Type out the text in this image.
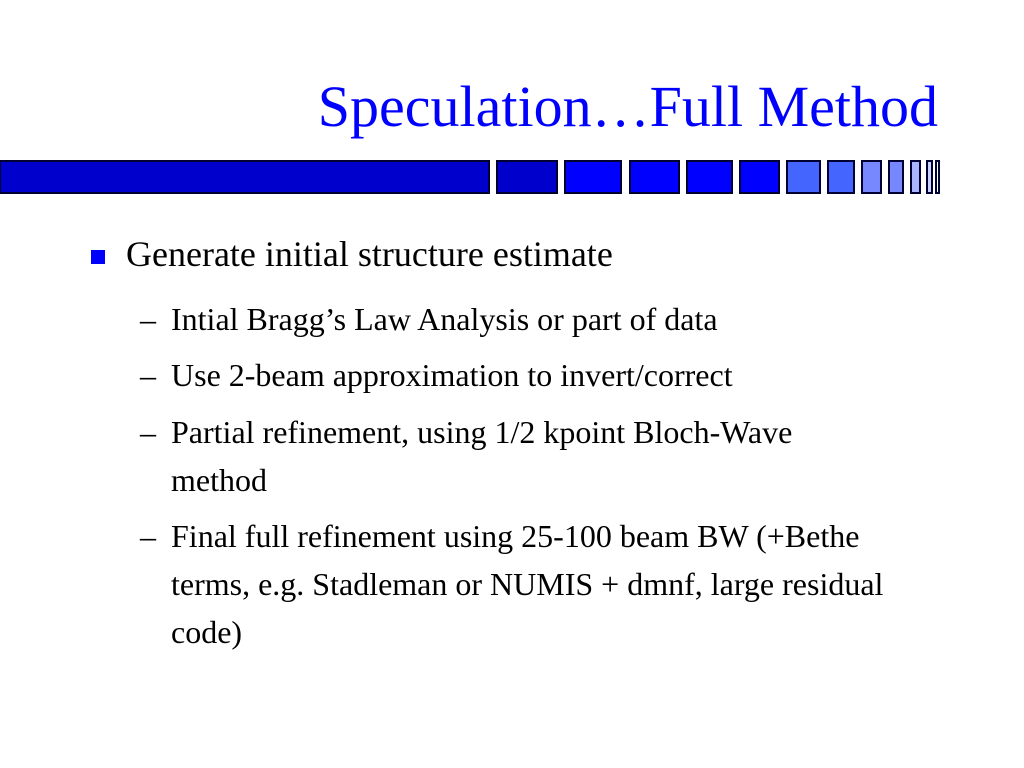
Speculation…Full Method
Generate initial structure estimate
– Intial Bragg’s Law Analysis or part of data
– Use 2-beam approximation to invert/correct
– Partial refinement, using 1/2 kpoint Bloch-Wave method
– Final full refinement using 25-100 beam BW (+Bethe terms, e.g. Stadleman or NUMIS + dmnf, large residual code)
